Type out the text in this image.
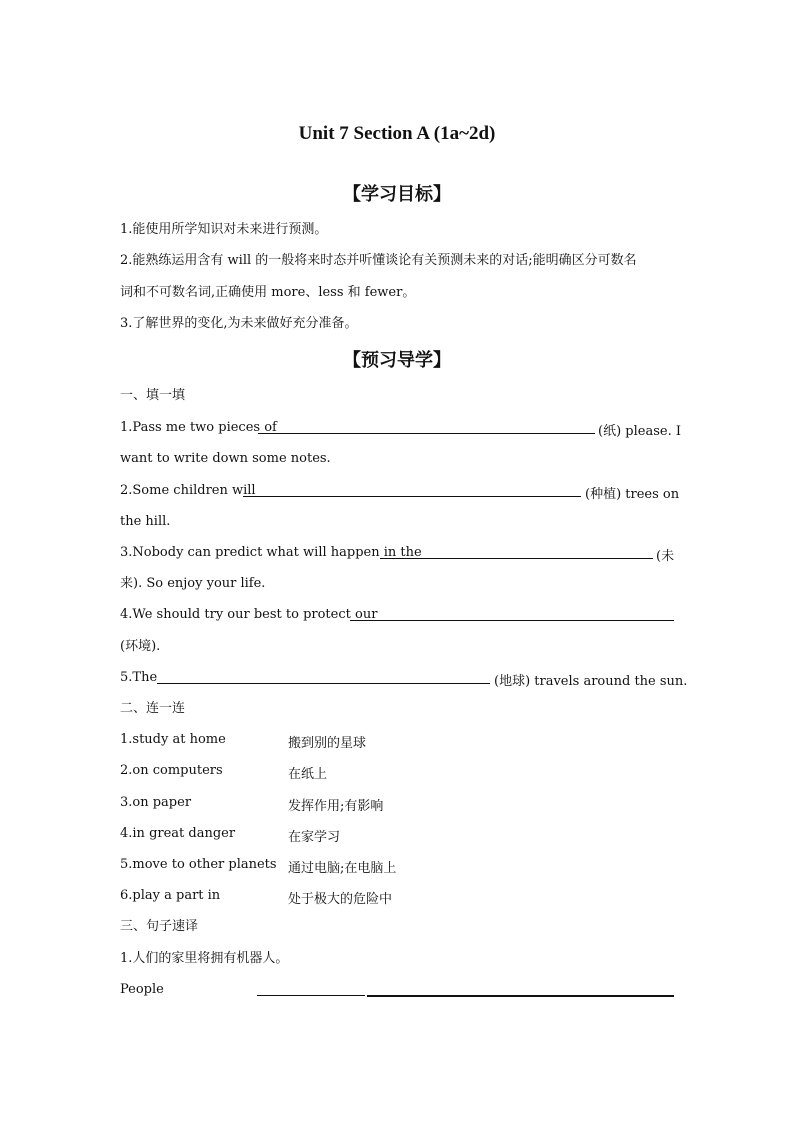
Unit 7 Section A (1a~2d)
【学习目标】
1.能使用所学知识对未来进行预测。
2.能熟练运用含有 will 的一般将来时态并听懂谈论有关预测未来的对话;能明确区分可数名
词和不可数名词,正确使用 more、less 和 fewer。
3.了解世界的变化,为未来做好充分准备。
【预习导学】
一、填一填
1.Pass me two pieces of	(纸) please. I
want to write down some notes.
2.Some children will	(种植) trees on
the hill.
3.Nobody can predict what will happen in the	(未
来). So enjoy your life.
4.We should try our best to protect our
(环境).
5.The	(地球) travels around the sun.
二、连一连
1.study at home	搬到别的星球
2.on computers	在纸上
3.on paper	发挥作用;有影响
4.in great danger	在家学习
5.move to other planets 通过电脑;在电脑上
6.play a part in	处于极大的危险中
三、句子速译
1.人们的家里将拥有机器人。
People
